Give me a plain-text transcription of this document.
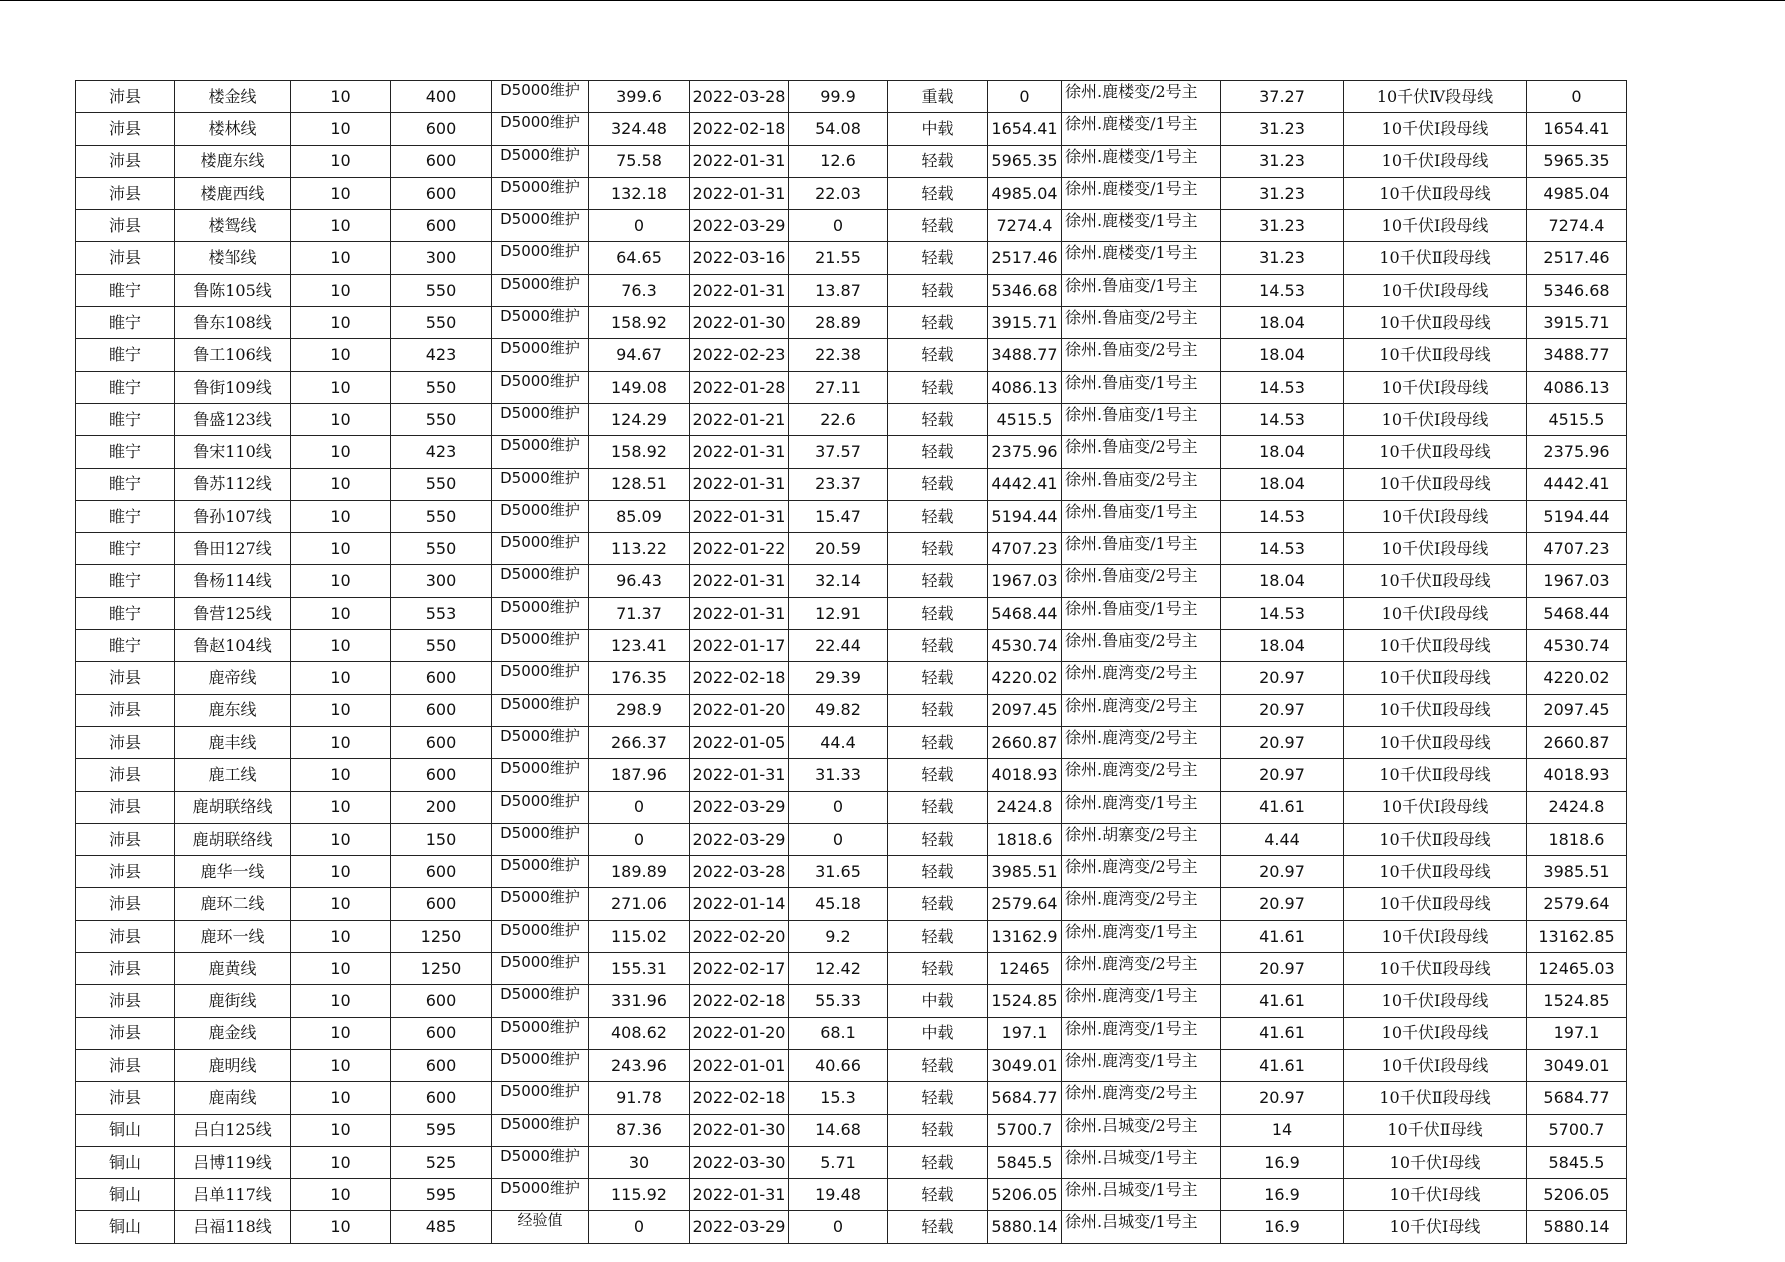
沛县	楼金线	10	400	D5000维护	399.6	2022-03-28	99.9	重载	0	徐州.鹿楼变/2号主	37.27	10千伏Ⅳ段母线	0
沛县	楼林线	10	600	D5000维护	324.48	2022-02-18	54.08	中载	1654.41	徐州.鹿楼变/1号主	31.23	10千伏Ⅰ段母线	1654.41
沛县	楼鹿东线	10	600	D5000维护	75.58	2022-01-31	12.6	轻载	5965.35	徐州.鹿楼变/1号主	31.23	10千伏Ⅰ段母线	5965.35
沛县	楼鹿西线	10	600	D5000维护	132.18	2022-01-31	22.03	轻载	4985.04	徐州.鹿楼变/1号主	31.23	10千伏Ⅱ段母线	4985.04
沛县	楼鸳线	10	600	D5000维护	0	2022-03-29	0	轻载	7274.4	徐州.鹿楼变/1号主	31.23	10千伏Ⅰ段母线	7274.4
沛县	楼邹线	10	300	D5000维护	64.65	2022-03-16	21.55	轻载	2517.46	徐州.鹿楼变/1号主	31.23	10千伏Ⅱ段母线	2517.46
睢宁	鲁陈105线	10	550	D5000维护	76.3	2022-01-31	13.87	轻载	5346.68	徐州.鲁庙变/1号主	14.53	10千伏Ⅰ段母线	5346.68
睢宁	鲁东108线	10	550	D5000维护	158.92	2022-01-30	28.89	轻载	3915.71	徐州.鲁庙变/2号主	18.04	10千伏Ⅱ段母线	3915.71
睢宁	鲁工106线	10	423	D5000维护	94.67	2022-02-23	22.38	轻载	3488.77	徐州.鲁庙变/2号主	18.04	10千伏Ⅱ段母线	3488.77
睢宁	鲁街109线	10	550	D5000维护	149.08	2022-01-28	27.11	轻载	4086.13	徐州.鲁庙变/1号主	14.53	10千伏Ⅰ段母线	4086.13
睢宁	鲁盛123线	10	550	D5000维护	124.29	2022-01-21	22.6	轻载	4515.5	徐州.鲁庙变/1号主	14.53	10千伏Ⅰ段母线	4515.5
睢宁	鲁宋110线	10	423	D5000维护	158.92	2022-01-31	37.57	轻载	2375.96	徐州.鲁庙变/2号主	18.04	10千伏Ⅱ段母线	2375.96
睢宁	鲁苏112线	10	550	D5000维护	128.51	2022-01-31	23.37	轻载	4442.41	徐州.鲁庙变/2号主	18.04	10千伏Ⅱ段母线	4442.41
睢宁	鲁孙107线	10	550	D5000维护	85.09	2022-01-31	15.47	轻载	5194.44	徐州.鲁庙变/1号主	14.53	10千伏Ⅰ段母线	5194.44
睢宁	鲁田127线	10	550	D5000维护	113.22	2022-01-22	20.59	轻载	4707.23	徐州.鲁庙变/1号主	14.53	10千伏Ⅰ段母线	4707.23
睢宁	鲁杨114线	10	300	D5000维护	96.43	2022-01-31	32.14	轻载	1967.03	徐州.鲁庙变/2号主	18.04	10千伏Ⅱ段母线	1967.03
睢宁	鲁营125线	10	553	D5000维护	71.37	2022-01-31	12.91	轻载	5468.44	徐州.鲁庙变/1号主	14.53	10千伏Ⅰ段母线	5468.44
睢宁	鲁赵104线	10	550	D5000维护	123.41	2022-01-17	22.44	轻载	4530.74	徐州.鲁庙变/2号主	18.04	10千伏Ⅱ段母线	4530.74
沛县	鹿帝线	10	600	D5000维护	176.35	2022-02-18	29.39	轻载	4220.02	徐州.鹿湾变/2号主	20.97	10千伏Ⅱ段母线	4220.02
沛县	鹿东线	10	600	D5000维护	298.9	2022-01-20	49.82	轻载	2097.45	徐州.鹿湾变/2号主	20.97	10千伏Ⅱ段母线	2097.45
沛县	鹿丰线	10	600	D5000维护	266.37	2022-01-05	44.4	轻载	2660.87	徐州.鹿湾变/2号主	20.97	10千伏Ⅱ段母线	2660.87
沛县	鹿工线	10	600	D5000维护	187.96	2022-01-31	31.33	轻载	4018.93	徐州.鹿湾变/2号主	20.97	10千伏Ⅱ段母线	4018.93
沛县	鹿胡联络线	10	200	D5000维护	0	2022-03-29	0	轻载	2424.8	徐州.鹿湾变/1号主	41.61	10千伏Ⅰ段母线	2424.8
沛县	鹿胡联络线	10	150	D5000维护	0	2022-03-29	0	轻载	1818.6	徐州.胡寨变/2号主	4.44	10千伏Ⅱ段母线	1818.6
沛县	鹿华一线	10	600	D5000维护	189.89	2022-03-28	31.65	轻载	3985.51	徐州.鹿湾变/2号主	20.97	10千伏Ⅱ段母线	3985.51
沛县	鹿环二线	10	600	D5000维护	271.06	2022-01-14	45.18	轻载	2579.64	徐州.鹿湾变/2号主	20.97	10千伏Ⅱ段母线	2579.64
沛县	鹿环一线	10	1250	D5000维护	115.02	2022-02-20	9.2	轻载	13162.9	徐州.鹿湾变/1号主	41.61	10千伏Ⅰ段母线	13162.85
沛县	鹿黄线	10	1250	D5000维护	155.31	2022-02-17	12.42	轻载	12465	徐州.鹿湾变/2号主	20.97	10千伏Ⅱ段母线	12465.03
沛县	鹿街线	10	600	D5000维护	331.96	2022-02-18	55.33	中载	1524.85	徐州.鹿湾变/1号主	41.61	10千伏Ⅰ段母线	1524.85
沛县	鹿金线	10	600	D5000维护	408.62	2022-01-20	68.1	中载	197.1	徐州.鹿湾变/1号主	41.61	10千伏Ⅰ段母线	197.1
沛县	鹿明线	10	600	D5000维护	243.96	2022-01-01	40.66	轻载	3049.01	徐州.鹿湾变/1号主	41.61	10千伏Ⅰ段母线	3049.01
沛县	鹿南线	10	600	D5000维护	91.78	2022-02-18	15.3	轻载	5684.77	徐州.鹿湾变/2号主	20.97	10千伏Ⅱ段母线	5684.77
铜山	吕白125线	10	595	D5000维护	87.36	2022-01-30	14.68	轻载	5700.7	徐州.吕城变/2号主	14	10千伏Ⅱ母线	5700.7
铜山	吕博119线	10	525	D5000维护	30	2022-03-30	5.71	轻载	5845.5	徐州.吕城变/1号主	16.9	10千伏Ⅰ母线	5845.5
铜山	吕单117线	10	595	D5000维护	115.92	2022-01-31	19.48	轻载	5206.05	徐州.吕城变/1号主	16.9	10千伏Ⅰ母线	5206.05
铜山	吕福118线	10	485	经验值	0	2022-03-29	0	轻载	5880.14	徐州.吕城变/1号主	16.9	10千伏Ⅰ母线	5880.14
